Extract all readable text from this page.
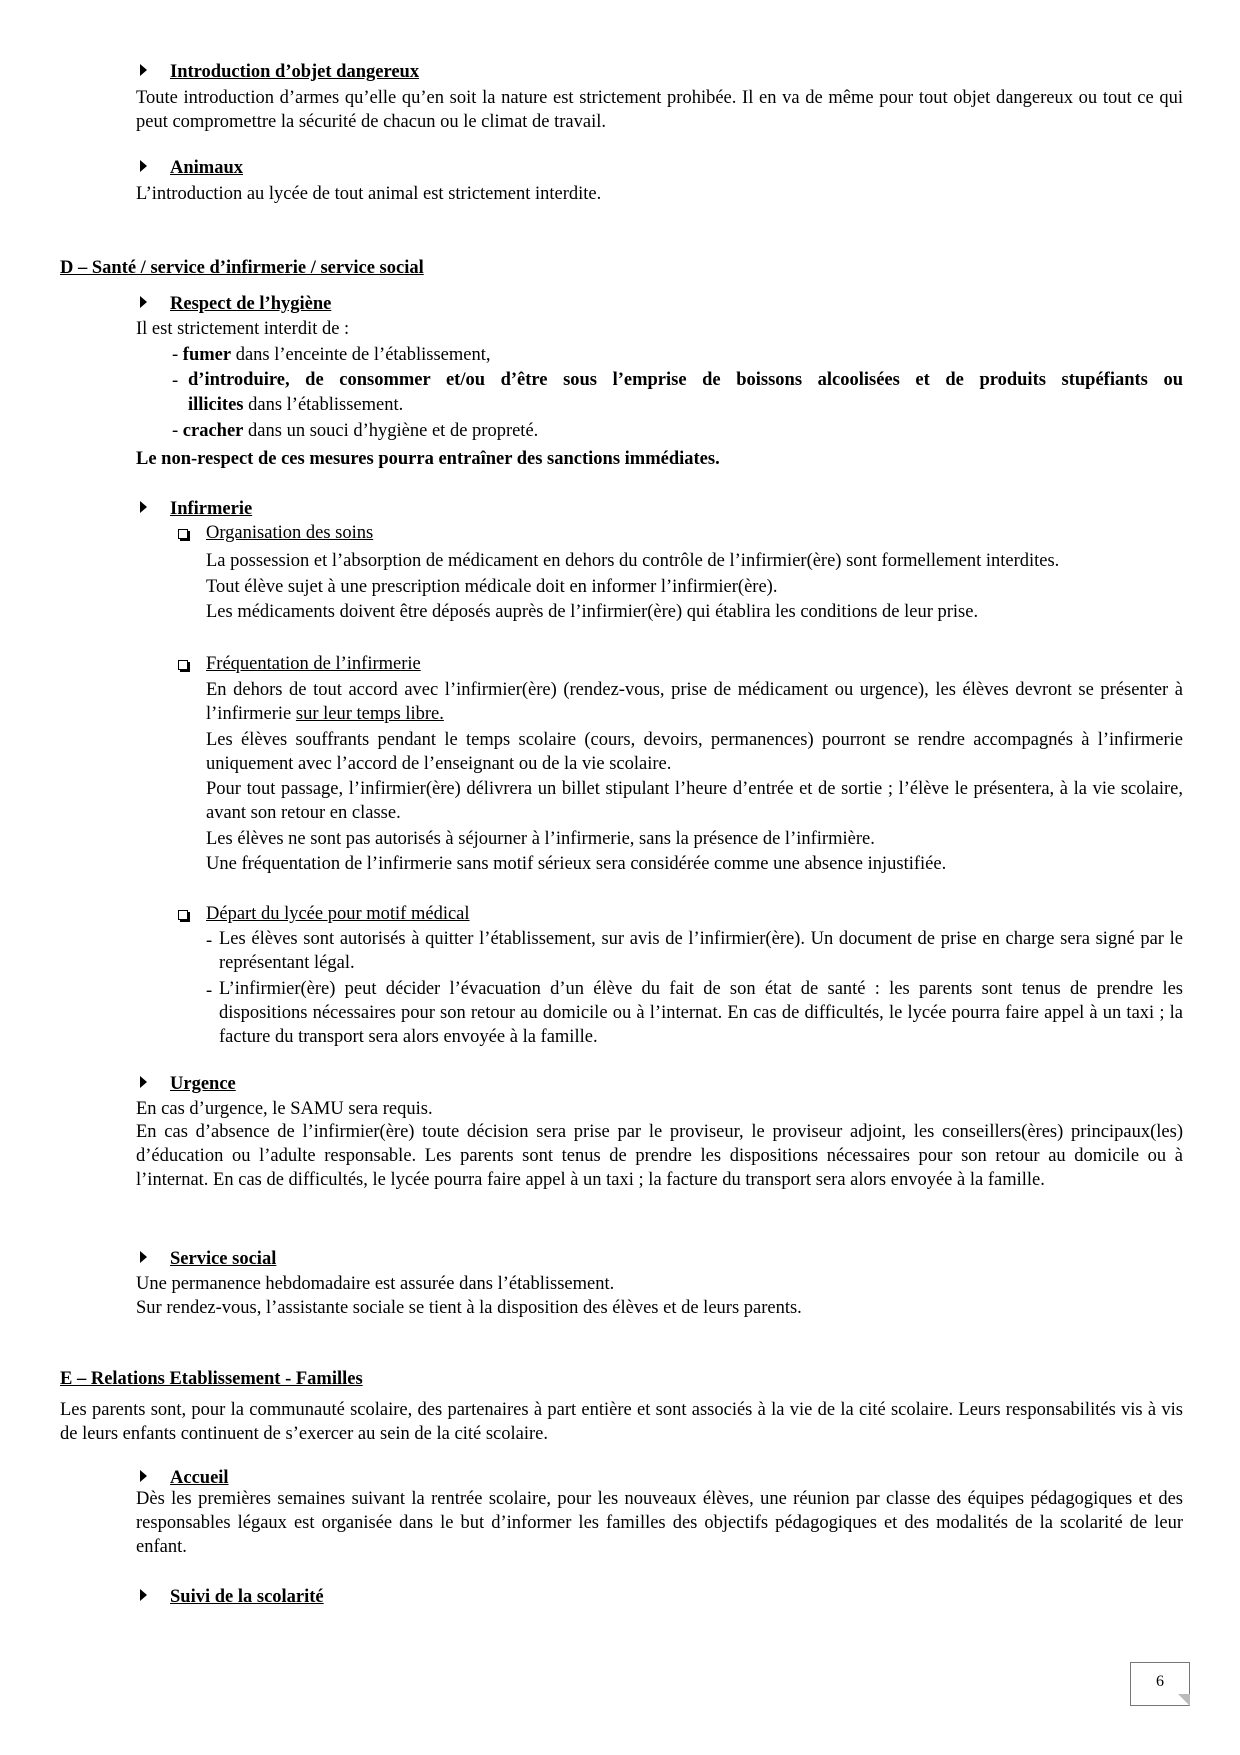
Introduction d’objet dangereux
Toute introduction d’armes qu’elle qu’en soit la nature est strictement prohibée. Il en va de même pour tout objet dangereux ou tout ce qui peut compromettre la sécurité de chacun ou le climat de travail.
Animaux
L’introduction au lycée de tout animal est strictement interdite.
D – Santé / service d’infirmerie / service social
Respect de l’hygiène
Il est strictement interdit de :
- fumer dans l’enceinte de l’établissement,
- d’introduire, de consommer et/ou d’être sous l’emprise de boissons alcoolisées et de produits stupéfiants ou
illicites dans l’établissement.
- cracher dans un souci d’hygiène et de propreté.
Le non-respect de ces mesures pourra entraîner des sanctions immédiates.
Infirmerie
Organisation des soins
La possession et l’absorption de médicament en dehors du contrôle de l’infirmier(ère) sont formellement interdites.
Tout élève sujet à une prescription médicale doit en informer l’infirmier(ère).
Les médicaments doivent être déposés auprès de l’infirmier(ère) qui établira les conditions de leur prise.
Fréquentation de l’infirmerie
En dehors de tout accord avec l’infirmier(ère) (rendez-vous, prise de médicament ou urgence), les élèves devront se présenter à l’infirmerie sur leur temps libre.
Les élèves souffrants pendant le temps scolaire (cours, devoirs, permanences) pourront se rendre accompagnés à l’infirmerie uniquement avec l’accord de l’enseignant ou de la vie scolaire.
Pour tout passage, l’infirmier(ère) délivrera un billet stipulant l’heure d’entrée et de sortie ; l’élève le présentera, à la vie scolaire, avant son retour en classe.
Les élèves ne sont pas autorisés à séjourner à l’infirmerie, sans la présence de l’infirmière.
Une fréquentation de l’infirmerie sans motif sérieux sera considérée comme une absence injustifiée.
Départ du lycée pour motif médical
- Les élèves sont autorisés à quitter l’établissement, sur avis de l’infirmier(ère). Un document de prise en charge sera signé par le représentant légal.
- L’infirmier(ère) peut décider l’évacuation d’un élève du fait de son état de santé : les parents sont tenus de prendre les dispositions nécessaires pour son retour au domicile ou à l’internat. En cas de difficultés, le lycée pourra faire appel à un taxi ; la facture du transport sera alors envoyée à la famille.
Urgence
En cas d’urgence, le SAMU sera requis.
En cas d’absence de l’infirmier(ère) toute décision sera prise par le proviseur, le proviseur adjoint, les conseillers(ères) principaux(les) d’éducation ou l’adulte responsable. Les parents sont tenus de prendre les dispositions nécessaires pour son retour au domicile ou à l’internat. En cas de difficultés, le lycée pourra faire appel à un taxi ; la facture du transport sera alors envoyée à la famille.
Service social
Une permanence hebdomadaire est assurée dans l’établissement.
Sur rendez-vous, l’assistante sociale se tient à la disposition des élèves et de leurs parents.
E – Relations Etablissement - Familles
Les parents sont, pour la communauté scolaire, des partenaires à part entière et sont associés à la vie de la cité scolaire. Leurs responsabilités vis à vis de leurs enfants continuent de s’exercer au sein de la cité scolaire.
Accueil
Dès les premières semaines suivant la rentrée scolaire, pour les nouveaux élèves, une réunion par classe des équipes pédagogiques et des responsables légaux est organisée dans le but d’informer les familles des objectifs pédagogiques et des modalités de la scolarité de leur enfant.
Suivi de la scolarité
6
